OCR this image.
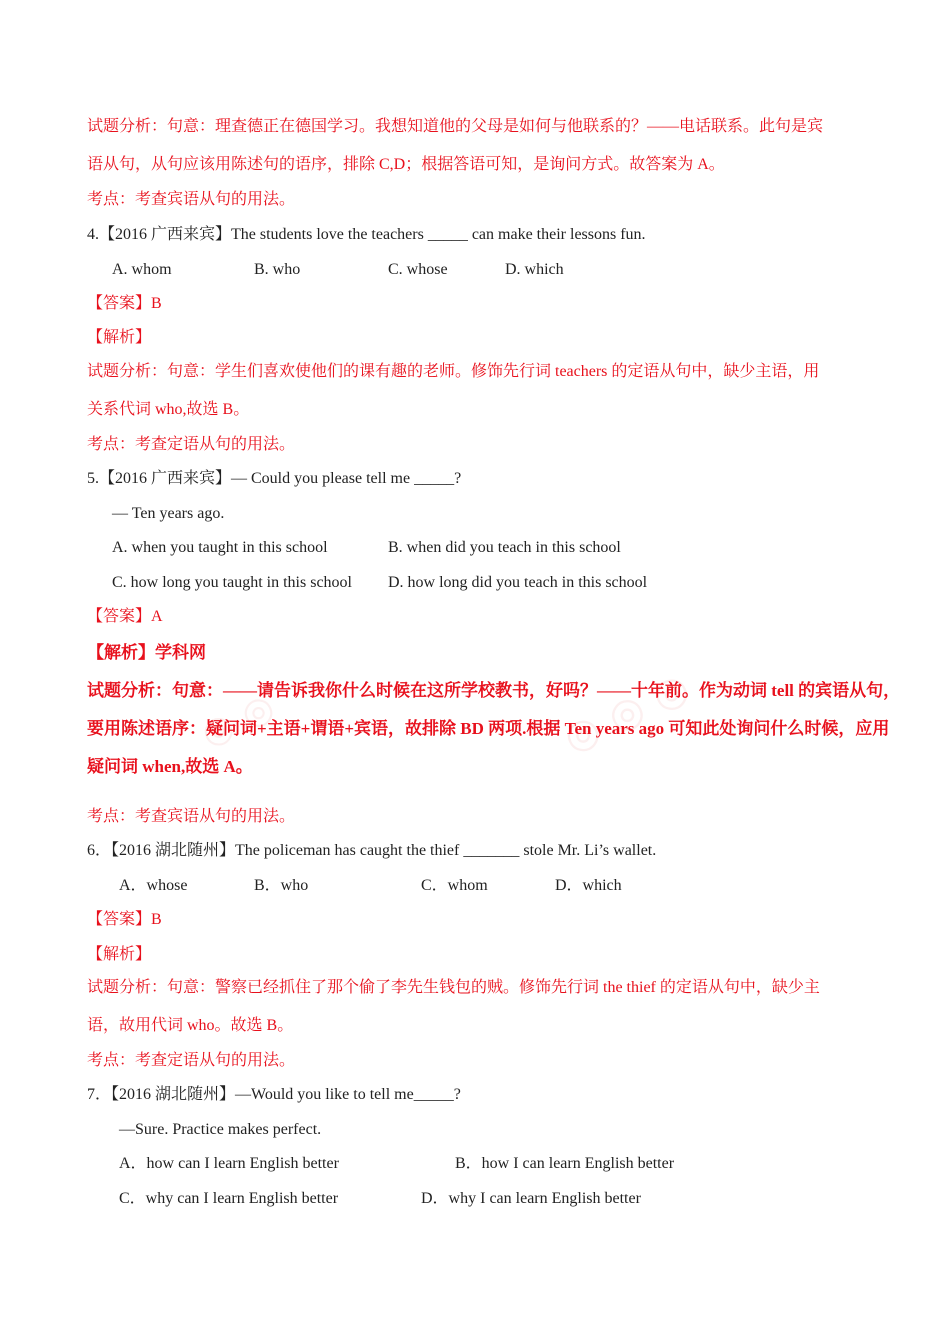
◎ ◎ ◎
◎ ◎
试题分析：句意：理查德正在德国学习。我想知道他的父母是如何与他联系的？——电话联系。此句是宾
语从句，从句应该用陈述句的语序，排除 C,D；根据答语可知，是询问方式。故答案为 A。
考点：考查宾语从句的用法。
4.【2016 广西来宾】The students love the teachers _____ can make their lessons fun.
A. whom	B. who	C. whose	D. which
【答案】B
【解析】
试题分析：句意：学生们喜欢使他们的课有趣的老师。修饰先行词 teachers 的定语从句中，缺少主语，用
关系代词 who,故选 B。
考点：考查定语从句的用法。
5.【2016 广西来宾】— Could you please tell me _____?
— Ten years ago.
A. when you taught in this school	B. when did you teach in this school
C. how long you taught in this school D. how long did you teach in this school
【答案】A
【解析】学科网
试题分析：句意：——请告诉我你什么时候在这所学校教书，好吗？——十年前。作为动词 tell 的宾语从句，
要用陈述语序：疑问词+主语+谓语+宾语，故排除 BD 两项.根据 Ten years ago 可知此处询问什么时候，应用
疑问词 when,故选 A。
考点：考查宾语从句的用法。
6．【2016 湖北随州】The policeman has caught the thief _______ stole Mr. Li’s wallet.
A．whose	B．who	C．whom	D．which
【答案】B
【解析】
试题分析：句意：警察已经抓住了那个偷了李先生钱包的贼。修饰先行词 the thief 的定语从句中，缺少主
语，故用代词 who。故选 B。
考点：考查定语从句的用法。
7．【2016 湖北随州】—Would you like to tell me_____?
—Sure. Practice makes perfect.
A．how can I learn English better	B．how I can learn English better
C．why can I learn English better	D．why I can learn English better
